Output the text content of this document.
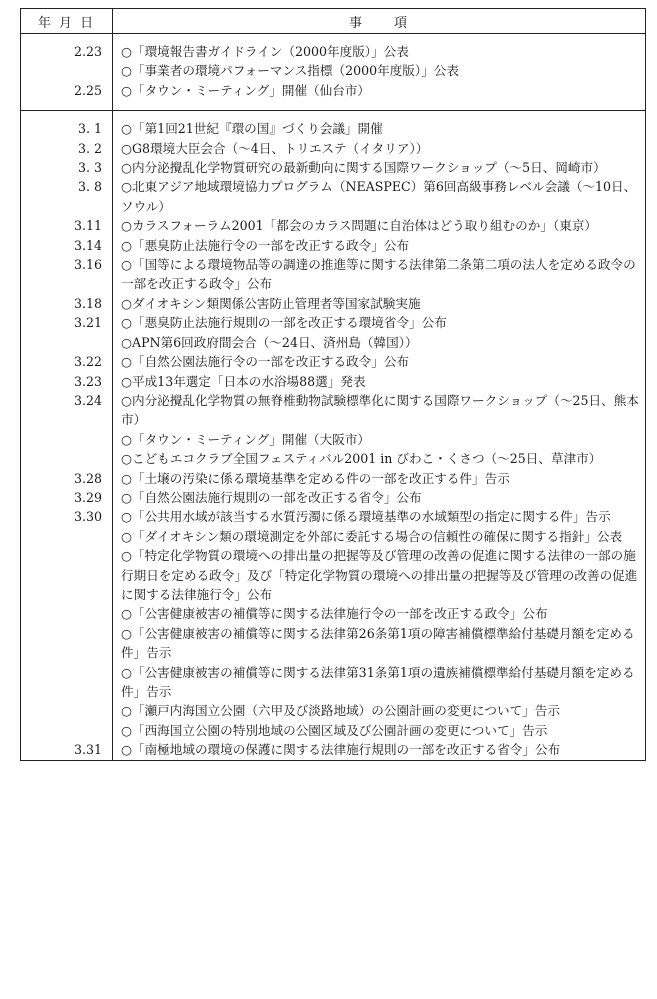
年 月 日	事　　項
2.23	○「環境報告書ガイドライン（2000年度版）」公表
	○「事業者の環境パフォーマンス指標（2000年度版）」公表
2.25	○「タウン・ミーティング」開催（仙台市）
3. 1	○「第1回21世紀『環の国』づくり会議」開催
3. 2	○G8環境大臣会合（～4日、トリエステ（イタリア））
3. 3	○内分泌攪乱化学物質研究の最新動向に関する国際ワークショップ（～5日、岡崎市）
3. 8	○北東アジア地域環境協力プログラム（NEASPEC）第6回高級事務レベル会議（～10日、ソウル）
3.11	○カラスフォーラム2001「都会のカラス問題に自治体はどう取り組むのか」（東京）
3.14	○「悪臭防止法施行令の一部を改正する政令」公布
3.16	○「国等による環境物品等の調達の推進等に関する法律第二条第二項の法人を定める政令の一部を改正する政令」公布
3.18	○ダイオキシン類関係公害防止管理者等国家試験実施
3.21	○「悪臭防止法施行規則の一部を改正する環境省令」公布
	○APN第6回政府間会合（～24日、済州島（韓国））
3.22	○「自然公園法施行令の一部を改正する政令」公布
3.23	○平成13年選定「日本の水浴場88選」発表
3.24	○内分泌攪乱化学物質の無脊椎動物試験標準化に関する国際ワークショップ（～25日、熊本市）
	○「タウン・ミーティング」開催（大阪市）
	○こどもエコクラブ全国フェスティバル2001 in びわこ・くさつ（～25日、草津市）
3.28	○「土壌の汚染に係る環境基準を定める件の一部を改正する件」告示
3.29	○「自然公園法施行規則の一部を改正する省令」公布
3.30	○「公共用水域が該当する水質汚濁に係る環境基準の水域類型の指定に関する件」告示
	○「ダイオキシン類の環境測定を外部に委託する場合の信頼性の確保に関する指針」公表
	○「特定化学物質の環境への排出量の把握等及び管理の改善の促進に関する法律の一部の施行期日を定める政令」及び「特定化学物質の環境への排出量の把握等及び管理の改善の促進に関する法律施行令」公布
	○「公害健康被害の補償等に関する法律施行令の一部を改正する政令」公布
	○「公害健康被害の補償等に関する法律第26条第1項の障害補償標準給付基礎月額を定める件」告示
	○「公害健康被害の補償等に関する法律第31条第1項の遺族補償標準給付基礎月額を定める件」告示
	○「瀬戸内海国立公園（六甲及び淡路地域）の公園計画の変更について」告示
	○「西海国立公園の特別地域の公園区域及び公園計画の変更について」告示
3.31	○「南極地域の環境の保護に関する法律施行規則の一部を改正する省令」公布
